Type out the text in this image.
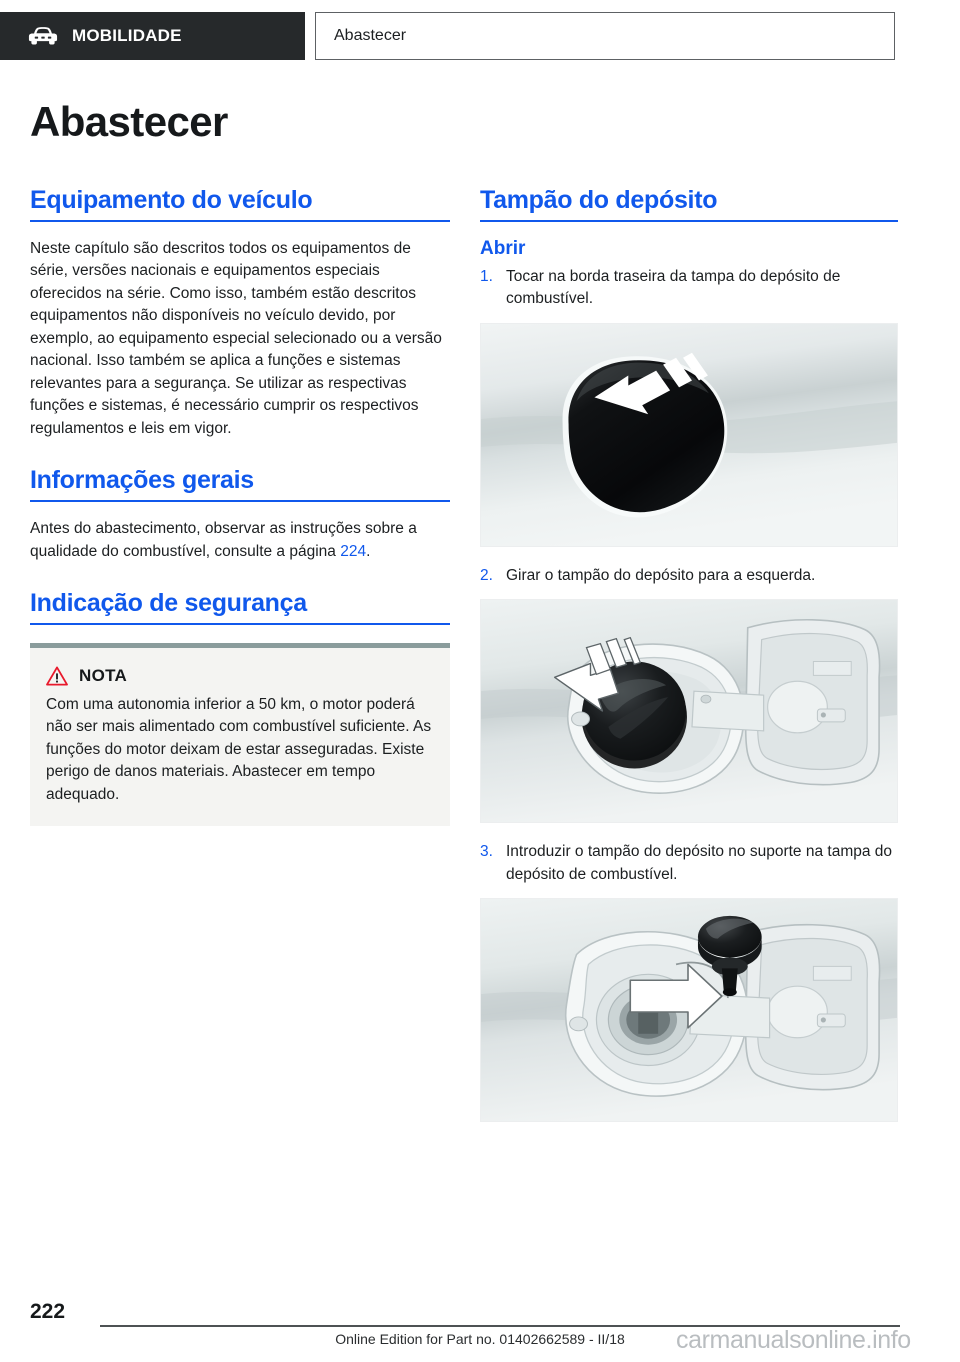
MOBILIDADE	Abastecer
Abastecer
Equipamento do veículo

Neste capítulo são descritos todos os equipamentos de série, versões nacionais e equipamentos especiais oferecidos na série. Como isso, também estão descritos equipamentos não disponíveis no veículo devido, por exemplo, ao equipamento especial selecionado ou a versão nacional. Isso também se aplica a funções e sistemas relevantes para a segurança. Se utilizar as respectivas funções e sistemas, é necessário cumprir os respectivos regulamentos e leis em vigor.

Informações gerais

Antes do abastecimento, observar as instruções sobre a qualidade do combustível, consulte a página 224.

Indicação de segurança
NOTA

Com uma autonomia inferior a 50 km, o motor poderá não ser mais alimentado com combustível suficiente. As funções do motor deixam de estar asseguradas. Existe perigo de danos materiais. Abastecer em tempo adequado.

Tampão do depósito
Abrir
1. Tocar na borda traseira da tampa do depósito de combustível.
2. Girar o tampão do depósito para a esquerda.
3. Introduzir o tampão do depósito no suporte na tampa do depósito de combustível.
222
Online Edition for Part no. 01402662589 - II/18	carmanualsonline.info
